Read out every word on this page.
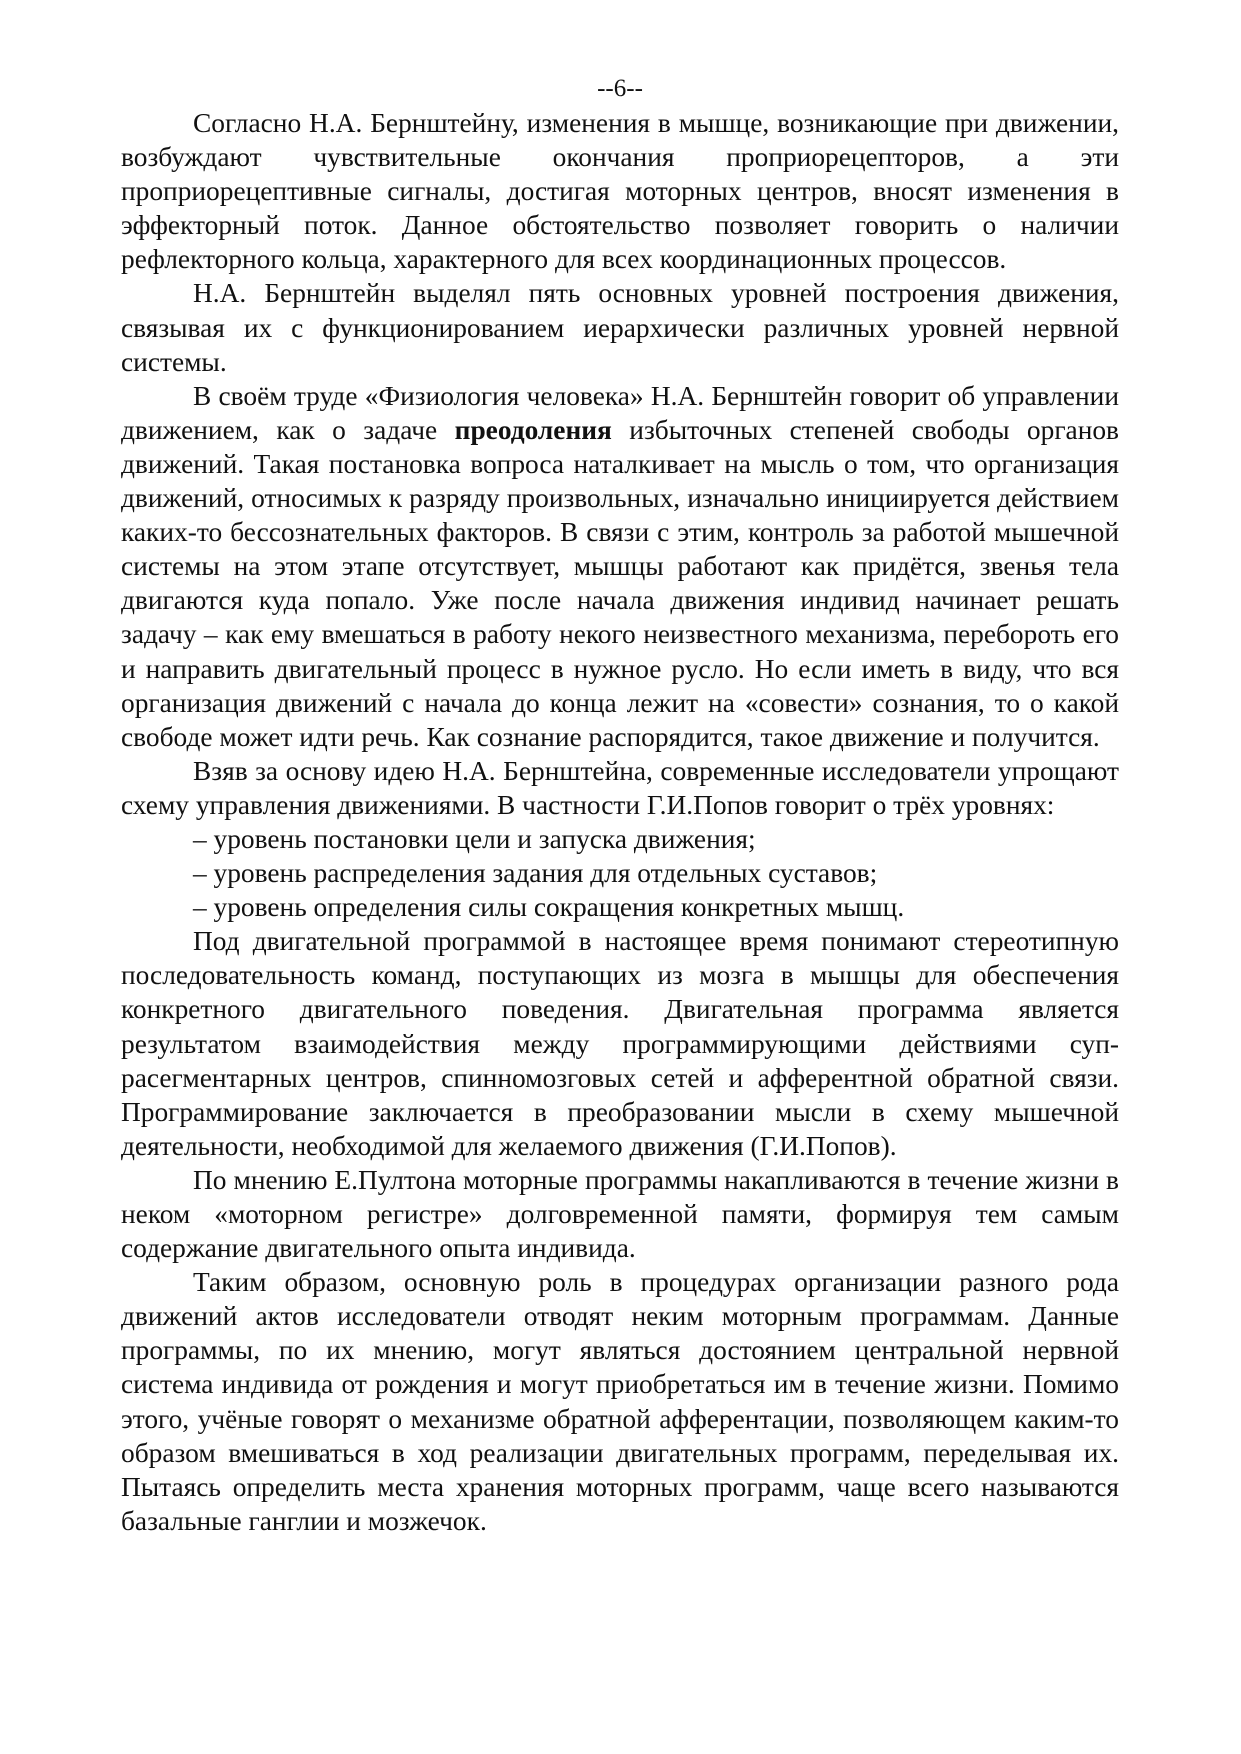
--6--

Согласно Н.А. Бернштейну, изменения в мышце, возникающие при движении, возбуждают чувствительные окончания проприорецепторов, а эти проприорецептивные сигналы, достигая моторных центров, вносят изменения в эффекторный поток. Данное обстоятельство позволяет говорить о наличии рефлекторного кольца, характерного для всех координационных процессов.

Н.А. Бернштейн выделял пять основных уровней построения движения, связывая их с функционированием иерархически различных уровней нервной системы.

В своём труде «Физиология человека» Н.А. Бернштейн говорит об управлении движением, как о задаче преодоления избыточных степеней свободы органов движений. Такая постановка вопроса наталкивает на мысль о том, что организация движений, относимых к разряду произвольных, изначально инициируется действием каких-то бессознательных факторов. В связи с этим, контроль за работой мышечной системы на этом этапе отсутствует, мышцы работают как придётся, звенья тела двигаются куда попало. Уже после начала движения индивид начинает решать задачу – как ему вмешаться в работу некого неизвестного механизма, перебороть его и направить двигательный процесс в нужное русло. Но если иметь в виду, что вся организация движений с начала до конца лежит на «совести» сознания, то о какой свободе может идти речь. Как сознание распорядится, такое движение и получится.

Взяв за основу идею Н.А. Бернштейна, современные исследователи упрощают схему управления движениями. В частности Г.И.Попов говорит о трёх уровнях:

– уровень постановки цели и запуска движения;

– уровень распределения задания для отдельных суставов;

– уровень определения силы сокращения конкретных мышц.

Под двигательной программой в настоящее время понимают стереотипную последовательность команд, поступающих из мозга в мышцы для обеспечения конкретного двигательного поведения. Двигательная программа является результатом взаимодействия между программирующими действиями супрасегментарных центров, спинномозговых сетей и афферентной обратной связи. Программирование заключается в преобразовании мысли в схему мышечной деятельности, необходимой для желаемого движения (Г.И.Попов).

По мнению Е.Пултона моторные программы накапливаются в течение жизни в неком «моторном регистре» долговременной памяти, формируя тем самым содержание двигательного опыта индивида.

Таким образом, основную роль в процедурах организации разного рода движений актов исследователи отводят неким моторным программам. Данные программы, по их мнению, могут являться достоянием центральной нервной система индивида от рождения и могут приобретаться им в течение жизни. Помимо этого, учёные говорят о механизме обратной афферентации, позволяющем каким-то образом вмешиваться в ход реализации двигательных программ, переделывая их. Пытаясь определить места хранения моторных программ, чаще всего называются базальные ганглии и мозжечок.
